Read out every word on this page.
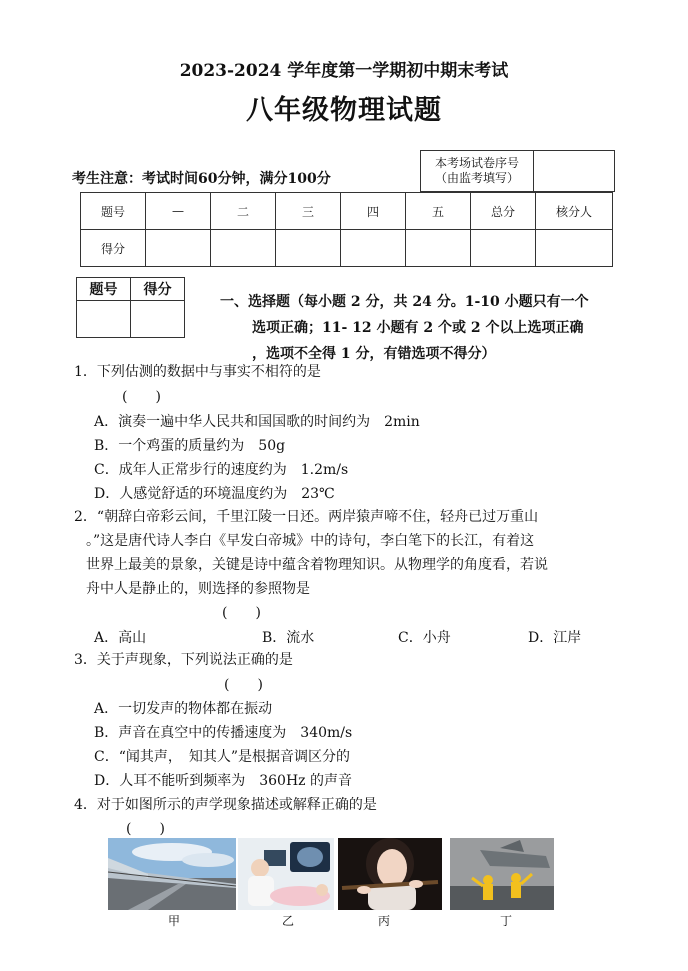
2023-2024 学年度第一学期初中期末考试
八年级物理试题
考生注意：考试时间60分钟，满分100分
本考场试卷序号
（由监考填写）

题号	—	二	三	四	五	总分	核分人
得分							
题号	得分

一、选择题（每小题 2 分，共 24 分。1-10 小题只有一个
选项正确；11- 12 小题有 2 个或 2 个以上选项正确
，选项不全得 1 分，有错选项不得分）
1．下列估测的数据中与事实不相符的是
(　　)
A．演奏一遍中华人民共和国国歌的时间约为　2min
B．一个鸡蛋的质量约为　50g
C．成年人正常步行的速度约为　1.2m/s
D．人感觉舒适的环境温度约为　23℃
2．“朝辞白帝彩云间，千里江陵一日还。两岸猿声啼不住，轻舟已过万重山
。”这是唐代诗人李白《早发白帝城》中的诗句，李白笔下的长江，有着这
世界上最美的景象，关键是诗中蕴含着物理知识。从物理学的角度看，若说
舟中人是静止的，则选择的参照物是
(　　)
A．高山	B．流水	C．小舟	D．江岸
3．关于声现象，下列说法正确的是
(　　)
A．一切发声的物体都在振动
B．声音在真空中的传播速度为　340m/s
C．“闻其声，　知其人”是根据音调区分的
D．人耳不能听到频率为　360Hz 的声音
4．对于如图所示的声学现象描述或解释正确的是
(　　)
甲	乙	丙	丁
